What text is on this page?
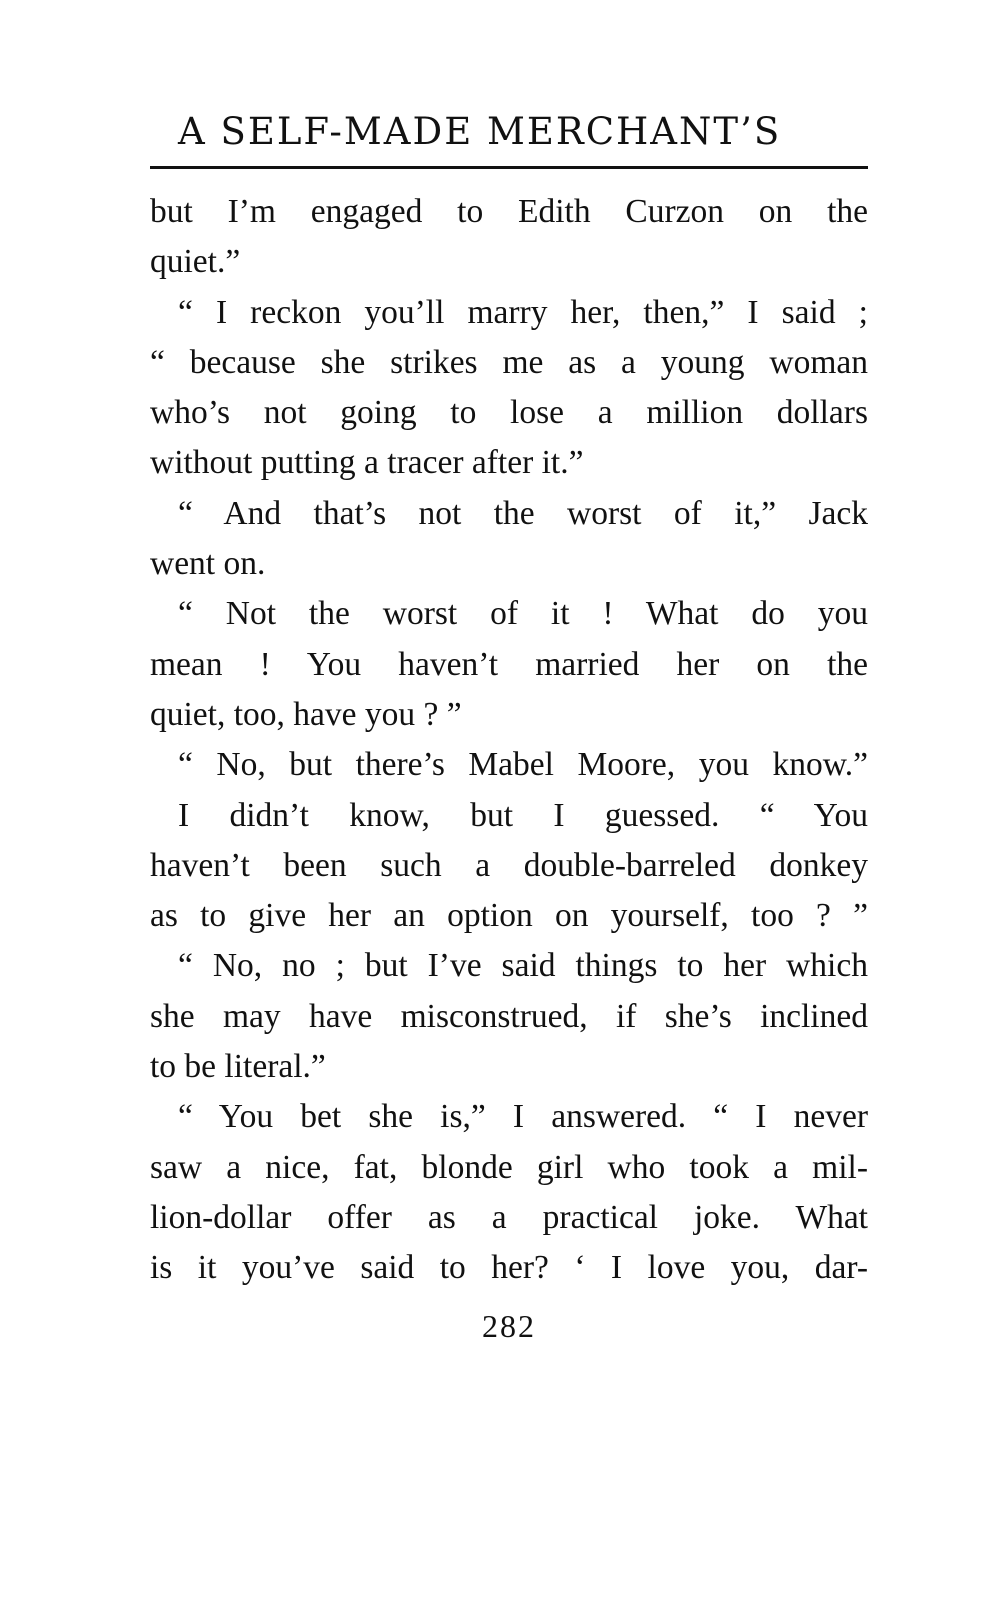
A SELF-MADE MERCHANT’S
but I’m engaged to Edith Curzon on the
quiet.”
“ I reckon you’ll marry her, then,” I said ;
“ because she strikes me as a young woman
who’s not going to lose a million dollars
without putting a tracer after it.”
“ And that’s not the worst of it,” Jack
went on.
“ Not the worst of it ! What do you
mean ! You haven’t married her on the
quiet, too, have you ? ”
“ No, but there’s Mabel Moore, you know.”
I didn’t know, but I guessed. “ You
haven’t been such a double-barreled donkey
as to give her an option on yourself, too ? ”
“ No, no ; but I’ve said things to her which
she may have misconstrued, if she’s inclined
to be literal.”
“ You bet she is,” I answered. “ I never
saw a nice, fat, blonde girl who took a mil-
lion-dollar offer as a practical joke. What
is it you’ve said to her? ‘ I love you, dar-
282
